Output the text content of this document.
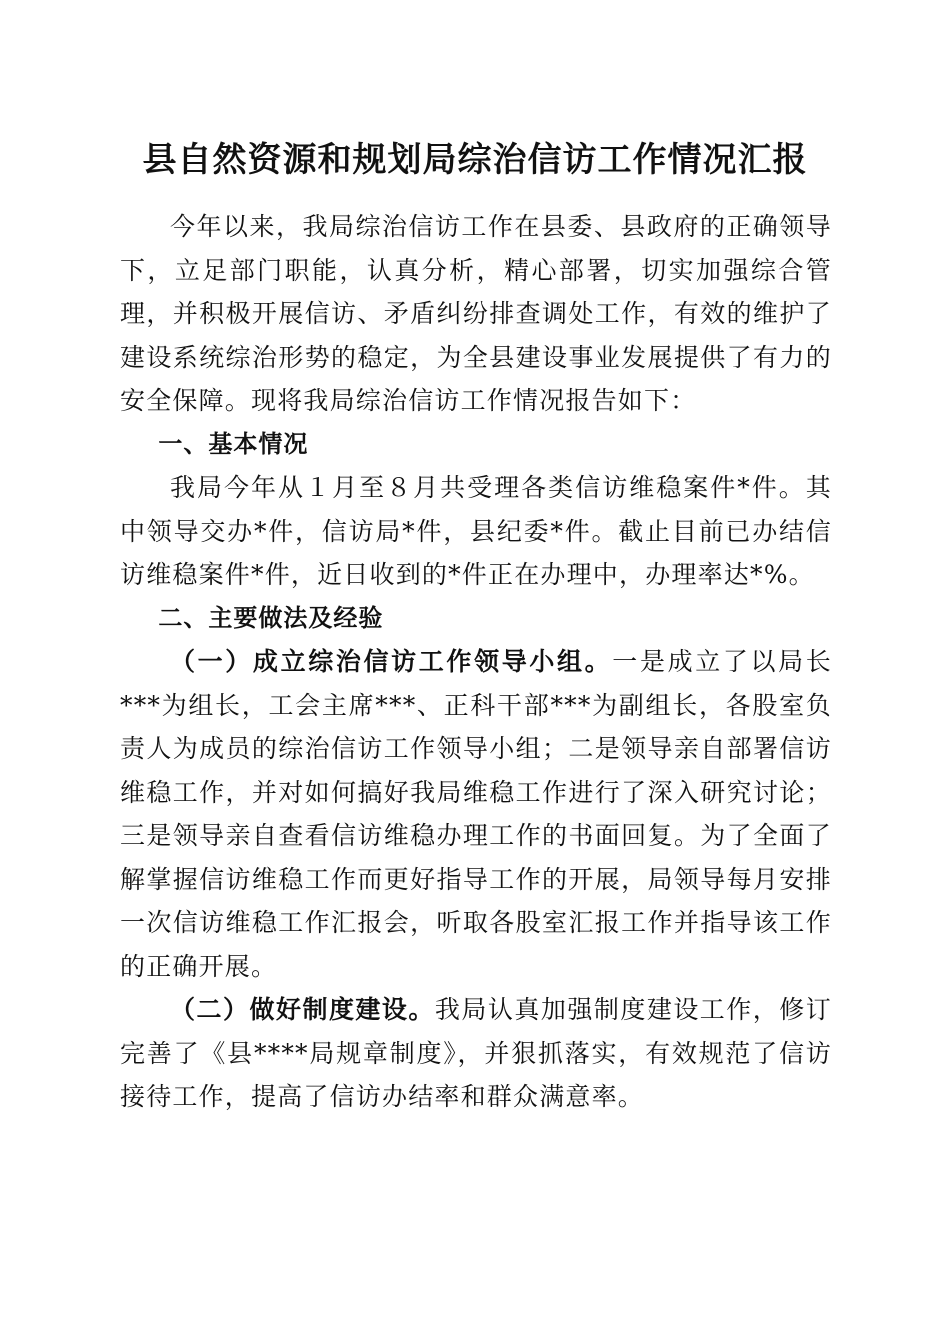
县自然资源和规划局综治信访工作情况汇报

今年以来，我局综治信访工作在县委、县政府的正确领导下，立足部门职能，认真分析，精心部署，切实加强综合管理，并积极开展信访、矛盾纠纷排查调处工作，有效的维护了建设系统综治形势的稳定，为全县建设事业发展提供了有力的安全保障。现将我局综治信访工作情况报告如下：

一、基本情况

我局今年从１月至８月共受理各类信访维稳案件*件。其中领导交办*件，信访局*件，县纪委*件。截止目前已办结信访维稳案件*件，近日收到的*件正在办理中，办理率达*%。

二、主要做法及经验

（一）成立综治信访工作领导小组。一是成立了以局长***为组长，工会主席***、正科干部***为副组长，各股室负责人为成员的综治信访工作领导小组；二是领导亲自部署信访维稳工作，并对如何搞好我局维稳工作进行了深入研究讨论；三是领导亲自查看信访维稳办理工作的书面回复。为了全面了解掌握信访维稳工作而更好指导工作的开展，局领导每月安排一次信访维稳工作汇报会，听取各股室汇报工作并指导该工作的正确开展。

（二）做好制度建设。我局认真加强制度建设工作，修订完善了《县****局规章制度》，并狠抓落实，有效规范了信访接待工作，提高了信访办结率和群众满意率。
